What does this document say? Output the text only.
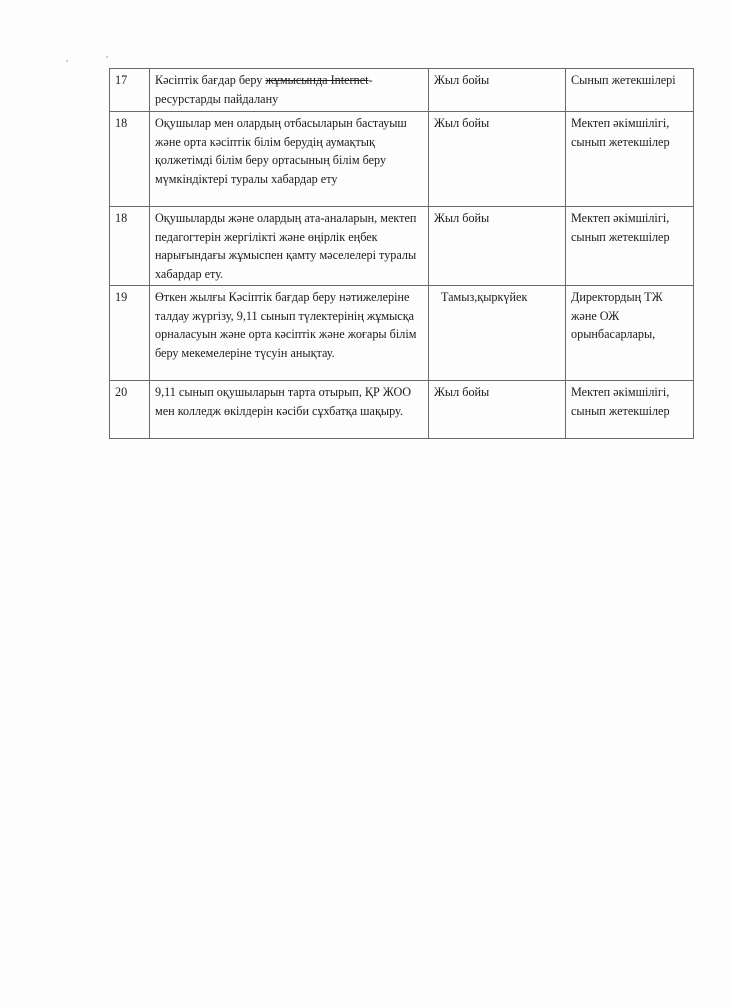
17	Кәсіптік бағдар беру жұмысында Internet-ресурстарды пайдалану	Жыл бойы	Сынып жетекшілері
18	Оқушылар мен олардың отбасыларын бастауыш және орта кәсіптік білім берудің аумақтық қолжетімді білім беру ортасының білім беру мүмкіндіктері туралы хабардар ету	Жыл бойы	Мектеп әкімшілігі, сынып жетекшілер
18	Оқушыларды және олардың ата-аналарын, мектеп педагогтерін жергілікті және өңірлік еңбек нарығындағы жұмыспен қамту мәселелері туралы хабардар ету.	Жыл бойы	Мектеп әкімшілігі, сынып жетекшілер
19	Өткен жылғы Кәсіптік бағдар беру нәтижелеріне талдау жүргізу, 9,11 сынып түлектерінің жұмысқа орналасуын және орта кәсіптік және жоғары білім беру мекемелеріне түсуін анықтау.	Тамыз,қыркүйек	Директордың ТЖ және ОЖ орынбасарлары,
20	9,11 сынып оқушыларын тарта отырып, ҚР ЖОО мен колледж өкілдерін кәсіби сұхбатқа шақыру.	Жыл бойы	Мектеп әкімшілігі, сынып жетекшілер
